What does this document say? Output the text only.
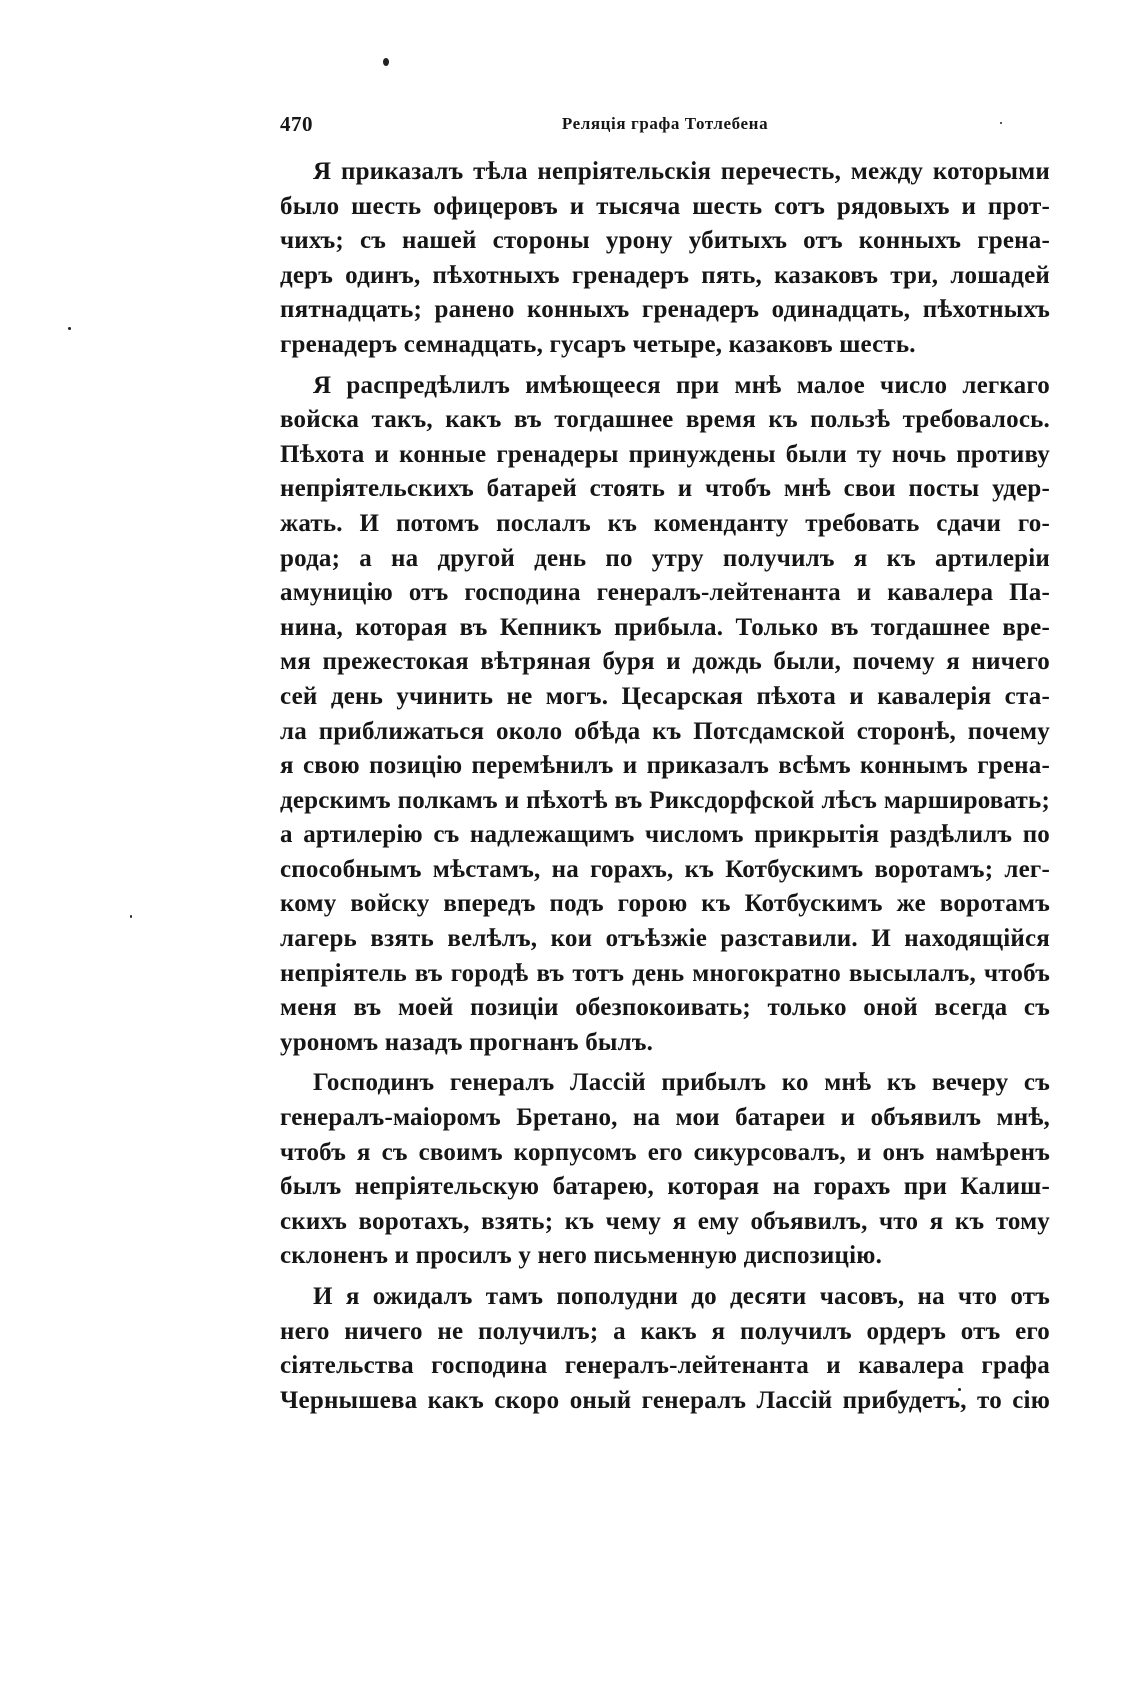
470	Реляція графа Тотлебена
Я приказалъ тѣла непріятельскія перечесть, между которыми
было шесть офицеровъ и тысяча шесть сотъ рядовыхъ и прот-
чихъ; съ нашей стороны урону убитыхъ отъ конныхъ грена-
деръ одинъ, пѣхотныхъ гренадеръ пять, казаковъ три, лошадей
пятнадцать; ранено конныхъ гренадеръ одинадцать, пѣхотныхъ
гренадеръ семнадцать, гусаръ четыре, казаковъ шесть.
Я распредѣлилъ имѣющееся при мнѣ малое число легкаго
войска такъ, какъ въ тогдашнее время къ пользѣ требовалось.
Пѣхота и конные гренадеры принуждены были ту ночь противу
непріятельскихъ батарей стоять и чтобъ мнѣ свои посты удер-
жать. И потомъ послалъ къ коменданту требовать сдачи го-
рода; а на другой день по утру получилъ я къ артилеріи
амуницію отъ господина генералъ-лейтенанта и кавалера Па-
нина, которая въ Кепникъ прибыла. Только въ тогдашнее вре-
мя прежестокая вѣтряная буря и дождь были, почему я ничего
сей день учинить не могъ. Цесарская пѣхота и кавалерія ста-
ла приближаться около обѣда къ Потсдамской сторонѣ, почему
я свою позицію перемѣнилъ и приказалъ всѣмъ коннымъ грена-
дерскимъ полкамъ и пѣхотѣ въ Риксдорфской лѣсъ маршировать;
а артилерію съ надлежащимъ числомъ прикрытія раздѣлилъ по
способнымъ мѣстамъ, на горахъ, къ Котбускимъ воротамъ; лег-
кому войску впередъ подъ горою къ Котбускимъ же воротамъ
лагерь взять велѣлъ, кои отъѣзжіе разставили. И находящійся
непріятель въ городѣ въ тотъ день многократно высылалъ, чтобъ
меня въ моей позиціи обезпокоивать; только оной всегда съ
урономъ назадъ прогнанъ былъ.
Господинъ генералъ Лассій прибылъ ко мнѣ къ вечеру съ
генералъ-маіоромъ Бретано, на мои батареи и объявилъ мнѣ,
чтобъ я съ своимъ корпусомъ его сикурсовалъ, и онъ намѣренъ
былъ непріятельскую батарею, которая на горахъ при Калиш-
скихъ воротахъ, взять; къ чему я ему объявилъ, что я къ тому
склоненъ и просилъ у него письменную диспозицію.
И я ожидалъ тамъ пополудни до десяти часовъ, на что отъ
него ничего не получилъ; а какъ я получилъ ордеръ отъ его
сіятельства господина генералъ-лейтенанта и кавалера графа
Чернышева какъ скоро оный генералъ Лассій прибудетъ, то сію
